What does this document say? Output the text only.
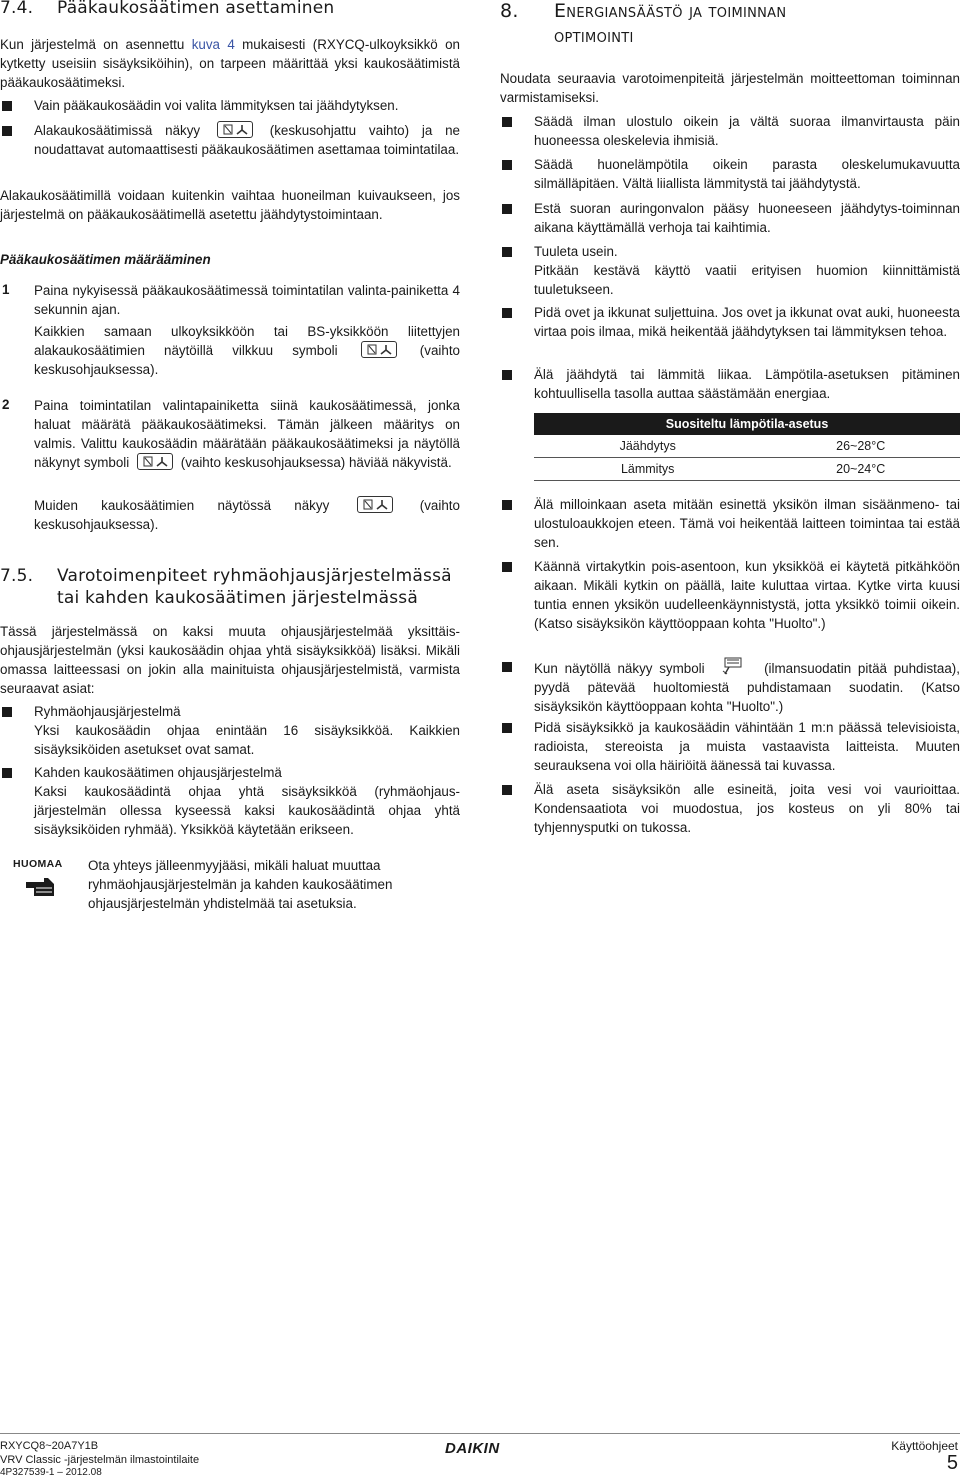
7.4. Pääkaukosäätimen asettaminen
Kun järjestelmä on asennettu kuva 4 mukaisesti (RXYCQ-ulkoyksikkö on kytketty useisiin sisäyksiköihin), on tarpeen määrittää yksi kaukosäätimistä pääkaukosäätimeksi.
Vain pääkaukosäädin voi valita lämmityksen tai jäähdytyksen.
Alakaukosäätimissä näkyy	(keskusohjattu vaihto) ja ne noudattavat automaattisesti pääkaukosäätimen asettamaa toimintatilaa.
Alakaukosäätimillä voidaan kuitenkin vaihtaa huoneilman kuivaukseen, jos järjestelmä on pääkaukosäätimellä asetettu jäähdytystoimintaan.
Pääkaukosäätimen määrääminen
1 Paina nykyisessä pääkaukosäätimessä toimintatilan valinta-painiketta 4 sekunnin ajan.
Kaikkien samaan ulkoyksikköön tai BS-yksikköön liitettyjen alakaukosäätimien näytöillä vilkkuu symboli	(vaihto keskusohjauksessa).
2 Paina toimintatilan valintapainiketta siinä kaukosäätimessä, jonka haluat määrätä pääkaukosäätimeksi. Tämän jälkeen määritys on valmis. Valittu kaukosäädin määrätään pääkaukosäätimeksi ja näytöllä näkynyt symboli	(vaihto keskusohjauksessa) häviää näkyvistä.
Muiden kaukosäätimien näytössä näkyy	(vaihto keskusohjauksessa).
7.5. Varotoimenpiteet ryhmäohjausjärjestelmässä
tai kahden kaukosäätimen järjestelmässä
Tässä järjestelmässä on kaksi muuta ohjausjärjestelmää yksittäis-ohjausjärjestelmän (yksi kaukosäädin ohjaa yhtä sisäyksikköä) lisäksi. Mikäli omassa laitteessasi on jokin alla mainituista ohjausjärjestelmistä, varmista seuraavat asiat:
Ryhmäohjausjärjestelmä
Yksi kaukosäädin ohjaa enintään 16 sisäyksikköä. Kaikkien sisäyksiköiden asetukset ovat samat.
Kahden kaukosäätimen ohjausjärjestelmä
Kaksi kaukosäädintä ohjaa yhtä sisäyksikköä (ryhmäohjaus-järjestelmän ollessa kyseessä kaksi kaukosäädintä ohjaa yhtä sisäyksiköiden ryhmää). Yksikköä käytetään erikseen.
HUOMAA Ota yhteys jälleenmyyjääsi, mikäli haluat muuttaa ryhmäohjausjärjestelmän ja kahden kaukosäätimen ohjausjärjestelmän yhdistelmää tai asetuksia.
8. Energiansäästö ja toiminnan
optimointi
Noudata seuraavia varotoimenpiteitä järjestelmän moitteettoman toiminnan varmistamiseksi.
Säädä ilman ulostulo oikein ja vältä suoraa ilmanvirtausta päin huoneessa oleskelevia ihmisiä.
Säädä huonelämpötila oikein parasta oleskelumukavuutta silmälläpitäen. Vältä liiallista lämmitystä tai jäähdytystä.
Estä suoran auringonvalon pääsy huoneeseen jäähdytys-toiminnan aikana käyttämällä verhoja tai kaihtimia.
Tuuleta usein.
Pitkään kestävä käyttö vaatii erityisen huomion kiinnittämistä tuuletukseen.
Pidä ovet ja ikkunat suljettuina. Jos ovet ja ikkunat ovat auki, huoneesta virtaa pois ilmaa, mikä heikentää jäähdytyksen tai lämmityksen tehoa.
Älä jäähdytä tai lämmitä liikaa. Lämpötila-asetuksen pitäminen kohtuullisella tasolla auttaa säästämään energiaa.
Suositeltu lämpötila-asetus	
Jäähdytys	26~28°C
Lämmitys	20~24°C
Älä milloinkaan aseta mitään esinettä yksikön ilman sisäänmeno- tai ulostuloaukkojen eteen. Tämä voi heikentää laitteen toimintaa tai estää sen.
Käännä virtakytkin pois-asentoon, kun yksikköä ei käytetä pitkähköön aikaan. Mikäli kytkin on päällä, laite kuluttaa virtaa. Kytke virta kuusi tuntia ennen yksikön uudelleenkäynnistystä, jotta yksikkö toimii oikein. (Katso sisäyksikön käyttöoppaan kohta "Huolto".)
Kun näytöllä näkyy symboli	(ilmansuodatin pitää puhdistaa), pyydä pätevää huoltomiestä puhdistamaan suodatin. (Katso sisäyksikön käyttöoppaan kohta "Huolto".)
Pidä sisäyksikkö ja kaukosäädin vähintään 1 m:n päässä televisioista, radioista, stereoista ja muista vastaavista laitteista. Muuten seurauksena voi olla häiriöitä äänessä tai kuvassa.
Älä aseta sisäyksikön alle esineitä, joita vesi voi vaurioittaa. Kondensaatiota voi muodostua, jos kosteus on yli 80% tai tyhjennysputki on tukossa.
RXYCQ8~20A7Y1B
VRV Classic -järjestelmän ilmastointilaite
4P327539-1 – 2012.08
DAIKIN	Käyttöohjeet
5
